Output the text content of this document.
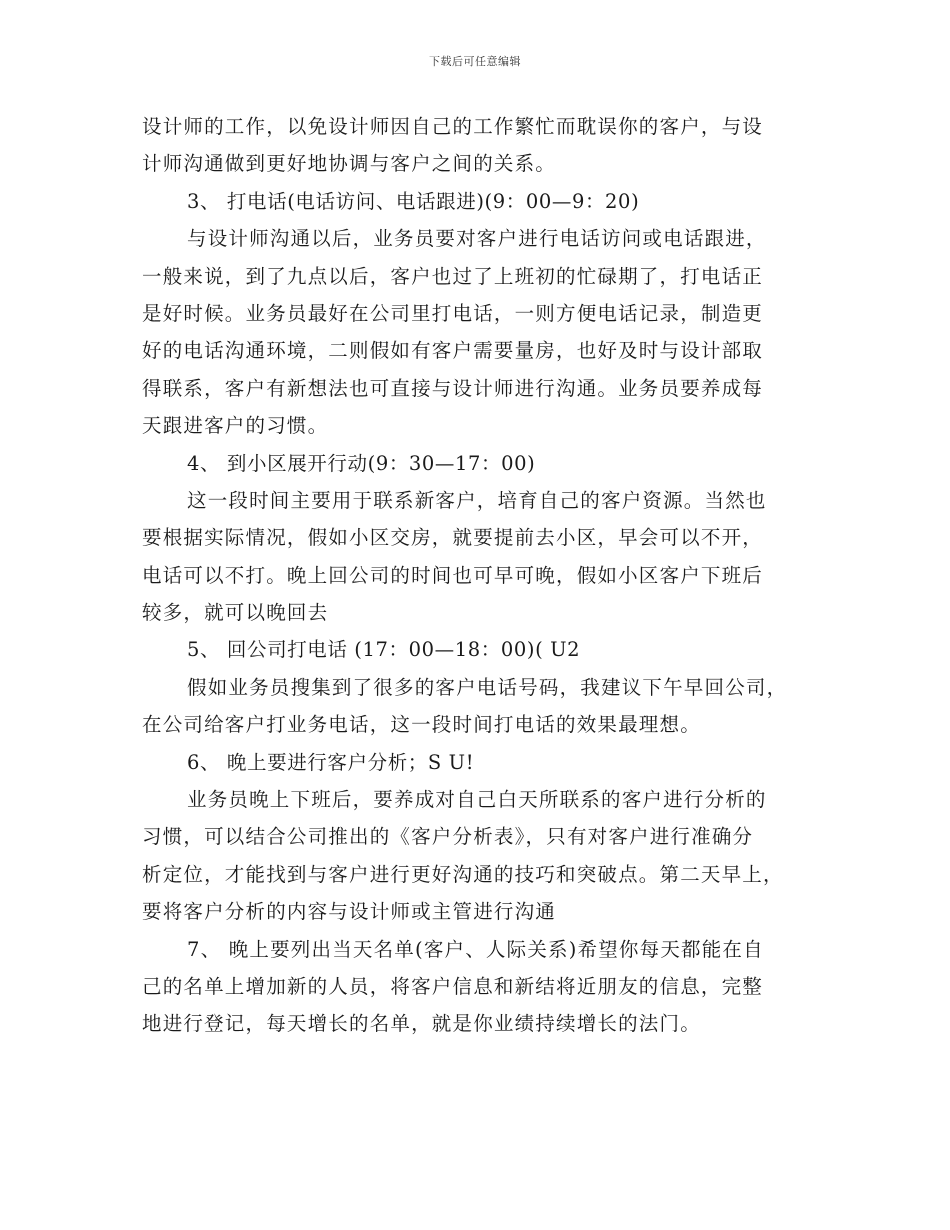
下载后可任意编辑
设计师的工作，以免设计师因自己的工作繁忙而耽误你的客户，与设
计师沟通做到更好地协调与客户之间的关系。
3、 打电话(电话访问、电话跟进)(9：00—9：20)
与设计师沟通以后，业务员要对客户进行电话访问或电话跟进，
一般来说，到了九点以后，客户也过了上班初的忙碌期了，打电话正
是好时候。业务员最好在公司里打电话，一则方便电话记录，制造更
好的电话沟通环境，二则假如有客户需要量房，也好及时与设计部取
得联系，客户有新想法也可直接与设计师进行沟通。业务员要养成每
天跟进客户的习惯。
4、 到小区展开行动(9：30—17：00)
这一段时间主要用于联系新客户，培育自己的客户资源。当然也
要根据实际情况，假如小区交房，就要提前去小区，早会可以不开，
电话可以不打。晚上回公司的时间也可早可晚，假如小区客户下班后
较多，就可以晚回去
5、 回公司打电话 (17：00—18：00)( U2
假如业务员搜集到了很多的客户电话号码，我建议下午早回公司，
在公司给客户打业务电话，这一段时间打电话的效果最理想。
6、 晚上要进行客户分析；S U!
业务员晚上下班后，要养成对自己白天所联系的客户进行分析的
习惯，可以结合公司推出的《客户分析表》，只有对客户进行准确分
析定位，才能找到与客户进行更好沟通的技巧和突破点。第二天早上，
要将客户分析的内容与设计师或主管进行沟通
7、 晚上要列出当天名单(客户、人际关系)希望你每天都能在自
己的名单上增加新的人员，将客户信息和新结将近朋友的信息，完整
地进行登记，每天增长的名单，就是你业绩持续增长的法门。
